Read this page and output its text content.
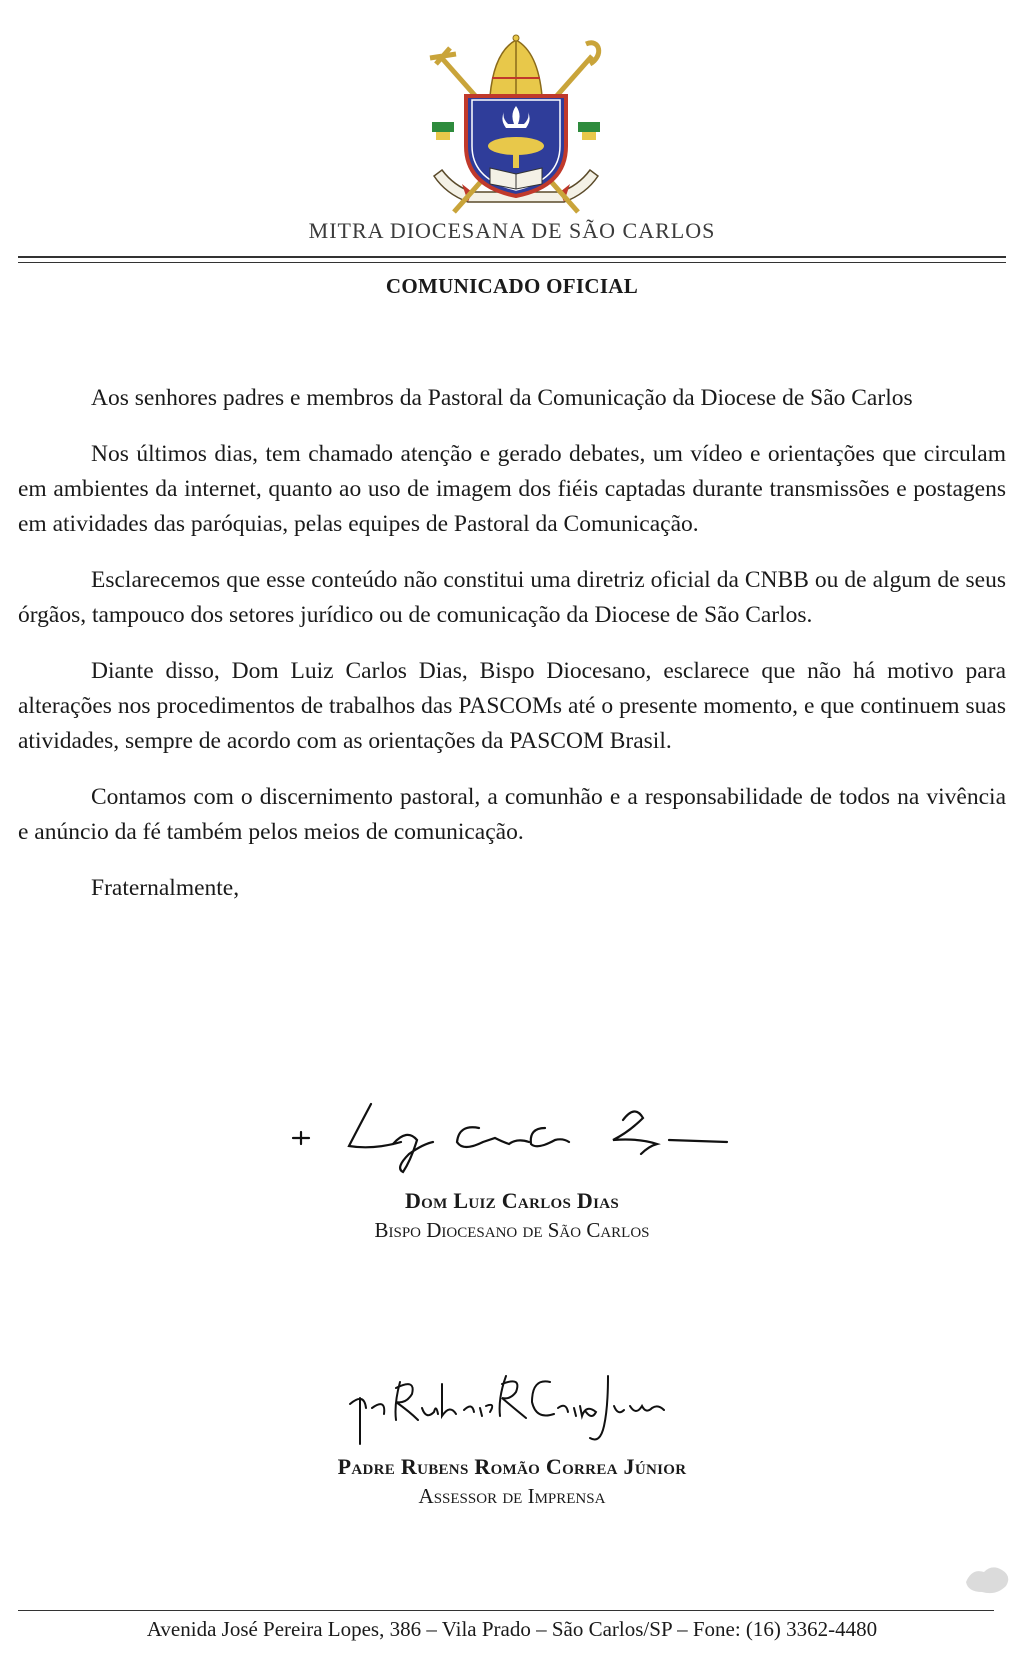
MITRA DIOCESANA DE SÃO CARLOS
COMUNICADO OFICIAL

Aos senhores padres e membros da Pastoral da Comunicação da Diocese de São Carlos

Nos últimos dias, tem chamado atenção e gerado debates, um vídeo e orientações que circulam em ambientes da internet, quanto ao uso de imagem dos fiéis captadas durante transmissões e postagens em atividades das paróquias, pelas equipes de Pastoral da Comunicação.

Esclarecemos que esse conteúdo não constitui uma diretriz oficial da CNBB ou de algum de seus órgãos, tampouco dos setores jurídico ou de comunicação da Diocese de São Carlos.

Diante disso, Dom Luiz Carlos Dias, Bispo Diocesano, esclarece que não há motivo para alterações nos procedimentos de trabalhos das PASCOMs até o presente momento, e que continuem suas atividades, sempre de acordo com as orientações da PASCOM Brasil.

Contamos com o discernimento pastoral, a comunhão e a responsabilidade de todos na vivência e anúncio da fé também pelos meios de comunicação.

Fraternalmente,

Dom Luiz Carlos Dias
Bispo Diocesano de São Carlos
Padre Rubens Romão Correa Júnior
Assessor de Imprensa
Avenida José Pereira Lopes, 386 – Vila Prado – São Carlos/SP – Fone: (16) 3362-4480
